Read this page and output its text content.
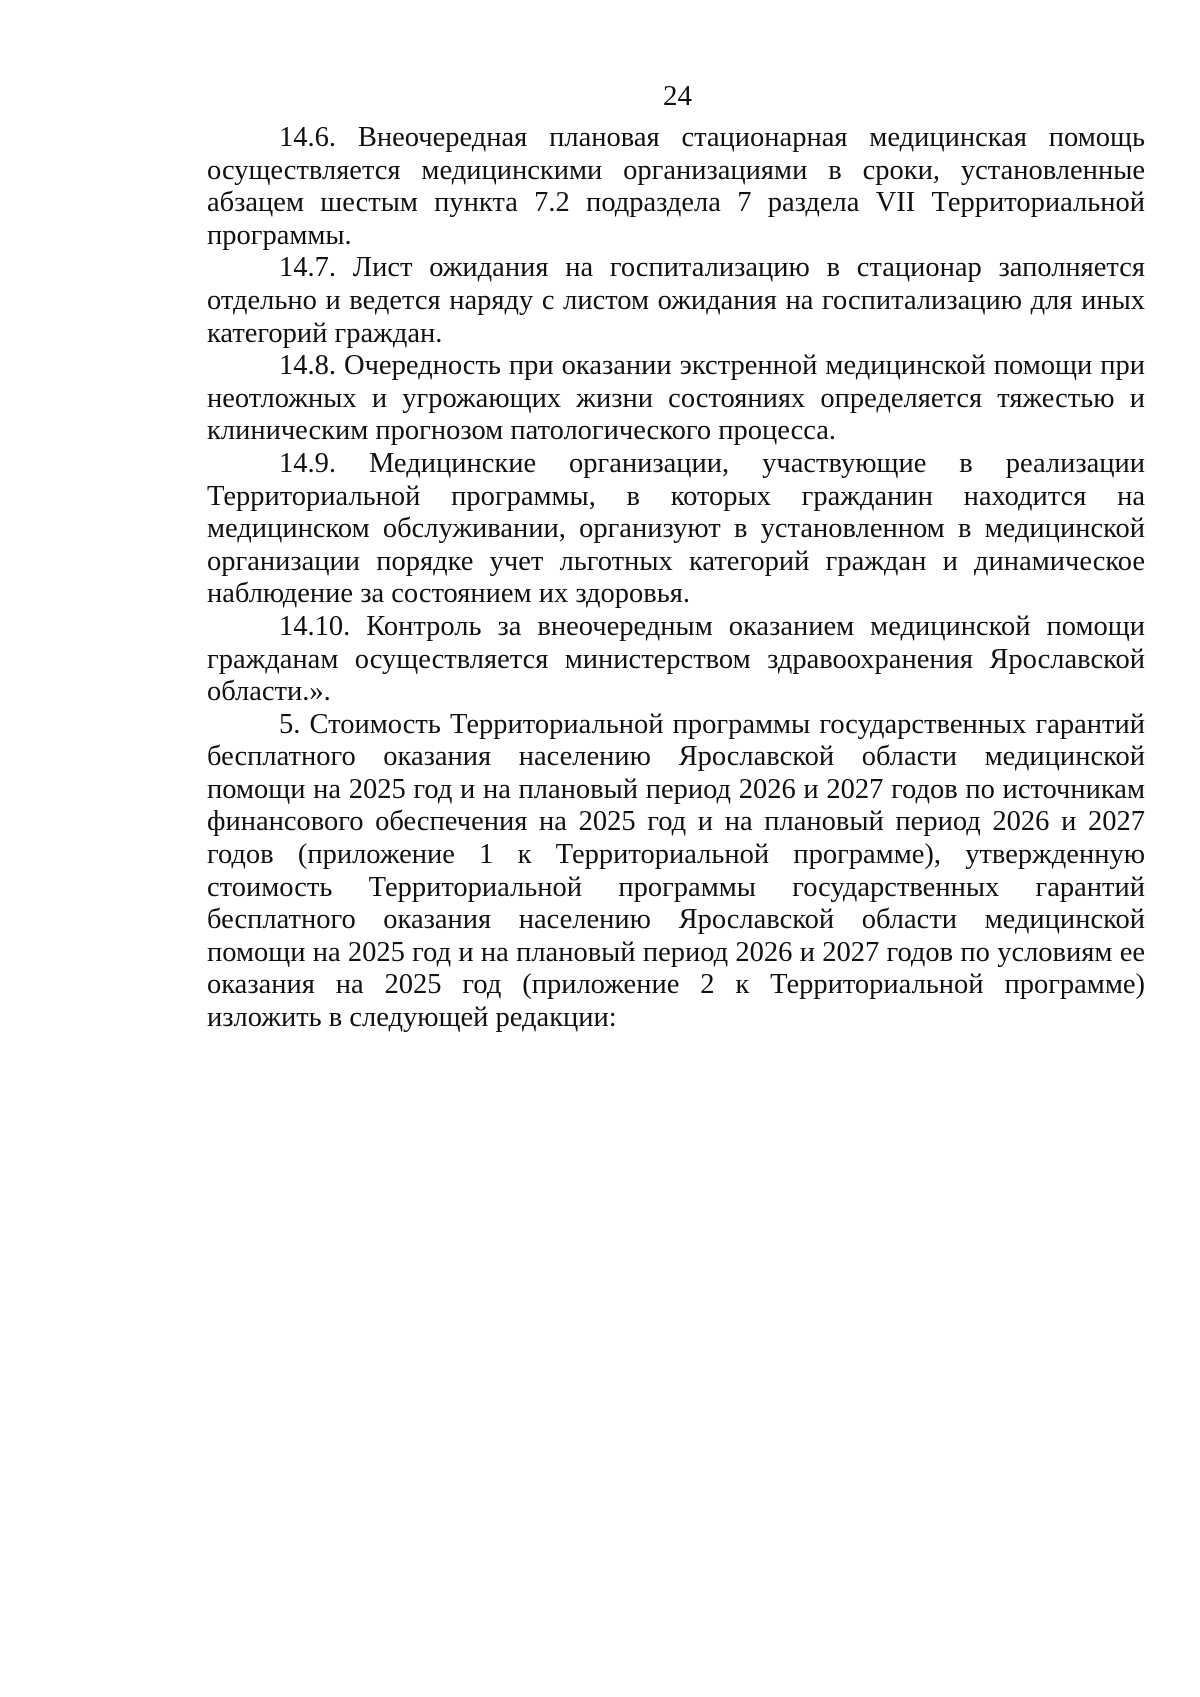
24

14.6. Внеочередная плановая стационарная медицинская помощь осуществляется медицинскими организациями в сроки, установленные абзацем шестым пункта 7.2 подраздела 7 раздела VII Территориальной программы.

14.7. Лист ожидания на госпитализацию в стационар заполняется отдельно и ведется наряду с листом ожидания на госпитализацию для иных категорий граждан.

14.8. Очередность при оказании экстренной медицинской помощи при неотложных и угрожающих жизни состояниях определяется тяжестью и клиническим прогнозом патологического процесса.

14.9. Медицинские организации, участвующие в реализации Территориальной программы, в которых гражданин находится на медицинском обслуживании, организуют в установленном в медицинской организации порядке учет льготных категорий граждан и динамическое наблюдение за состоянием их здоровья.

14.10. Контроль за внеочередным оказанием медицинской помощи гражданам осуществляется министерством здравоохранения Ярославской области.».

5. Стоимость Территориальной программы государственных гарантий бесплатного оказания населению Ярославской области медицинской помощи на 2025 год и на плановый период 2026 и 2027 годов по источникам финансового обеспечения на 2025 год и на плановый период 2026 и 2027 годов (приложение 1 к Территориальной программе), утвержденную стоимость Территориальной программы государственных гарантий бесплатного оказания населению Ярославской области медицинской помощи на 2025 год и на плановый период 2026 и 2027 годов по условиям ее оказания на 2025 год (приложение 2 к Территориальной программе) изложить в следующей редакции:
